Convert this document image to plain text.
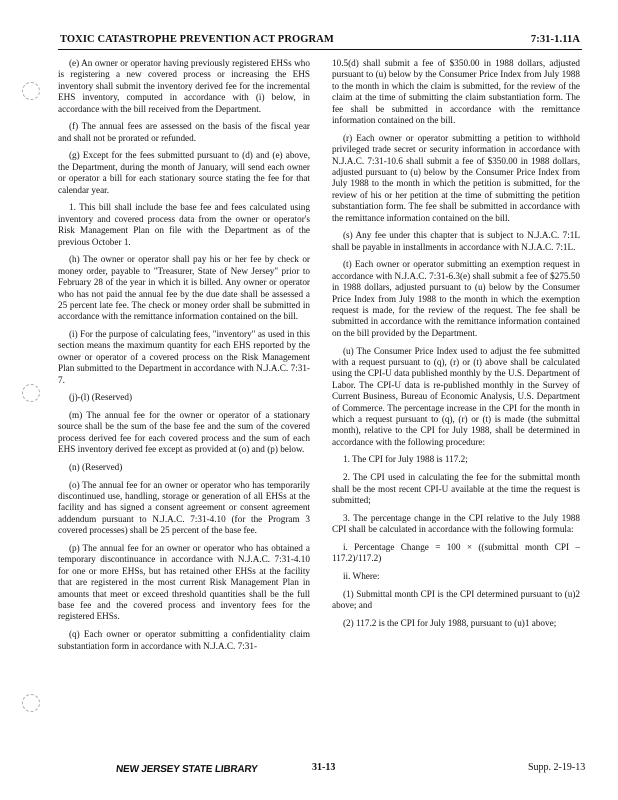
TOXIC CATASTROPHE PREVENTION ACT PROGRAM	7:31-1.11A

(e) An owner or operator having previously registered EHSs who is registering a new covered process or increasing the EHS inventory shall submit the inventory derived fee for the incremental EHS inventory, computed in accordance with (i) below, in accordance with the bill received from the Department.

(f) The annual fees are assessed on the basis of the fiscal year and shall not be prorated or refunded.

(g) Except for the fees submitted pursuant to (d) and (e) above, the Department, during the month of January, will send each owner or operator a bill for each stationary source stating the fee for that calendar year.

1. This bill shall include the base fee and fees calculated using inventory and covered process data from the owner or operator's Risk Management Plan on file with the Department as of the previous October 1.

(h) The owner or operator shall pay his or her fee by check or money order, payable to "Treasurer, State of New Jersey" prior to February 28 of the year in which it is billed. Any owner or operator who has not paid the annual fee by the due date shall be assessed a 25 percent late fee. The check or money order shall be submitted in accordance with the remittance information contained on the bill.

(i) For the purpose of calculating fees, "inventory" as used in this section means the maximum quantity for each EHS reported by the owner or operator of a covered process on the Risk Management Plan submitted to the Department in accordance with N.J.A.C. 7:31-7.

(j)-(l) (Reserved)

(m) The annual fee for the owner or operator of a stationary source shall be the sum of the base fee and the sum of the covered process derived fee for each covered process and the sum of each EHS inventory derived fee except as provided at (o) and (p) below.

(n) (Reserved)

(o) The annual fee for an owner or operator who has temporarily discontinued use, handling, storage or generation of all EHSs at the facility and has signed a consent agreement or consent agreement addendum pursuant to N.J.A.C. 7:31-4.10 (for the Program 3 covered processes) shall be 25 percent of the base fee.

(p) The annual fee for an owner or operator who has obtained a temporary discontinuance in accordance with N.J.A.C. 7:31-4.10 for one or more EHSs, but has retained other EHSs at the facility that are registered in the most current Risk Management Plan in amounts that meet or exceed threshold quantities shall be the full base fee and the covered process and inventory fees for the registered EHSs.

(q) Each owner or operator submitting a confidentiality claim substantiation form in accordance with N.J.A.C. 7:31-

10.5(d) shall submit a fee of $350.00 in 1988 dollars, adjusted pursuant to (u) below by the Consumer Price Index from July 1988 to the month in which the claim is submitted, for the review of the claim at the time of submitting the claim substantiation form. The fee shall be submitted in accordance with the remittance information contained on the bill.

(r) Each owner or operator submitting a petition to withhold privileged trade secret or security information in accordance with N.J.A.C. 7:31-10.6 shall submit a fee of $350.00 in 1988 dollars, adjusted pursuant to (u) below by the Consumer Price Index from July 1988 to the month in which the petition is submitted, for the review of his or her petition at the time of submitting the petition substantiation form. The fee shall be submitted in accordance with the remittance information contained on the bill.

(s) Any fee under this chapter that is subject to N.J.A.C. 7:1L shall be payable in installments in accordance with N.J.A.C. 7:1L.

(t) Each owner or operator submitting an exemption request in accordance with N.J.A.C. 7:31-6.3(e) shall submit a fee of $275.50 in 1988 dollars, adjusted pursuant to (u) below by the Consumer Price Index from July 1988 to the month in which the exemption request is made, for the review of the request. The fee shall be submitted in accordance with the remittance information contained on the bill provided by the Department.

(u) The Consumer Price Index used to adjust the fee submitted with a request pursuant to (q), (r) or (t) above shall be calculated using the CPI-U data published monthly by the U.S. Department of Labor. The CPI-U data is re-published monthly in the Survey of Current Business, Bureau of Economic Analysis, U.S. Department of Commerce. The percentage increase in the CPI for the month in which a request pursuant to (q), (r) or (t) is made (the submittal month), relative to the CPI for July 1988, shall be determined in accordance with the following procedure:

1. The CPI for July 1988 is 117.2;

2. The CPI used in calculating the fee for the submittal month shall be the most recent CPI-U available at the time the request is submitted;

3. The percentage change in the CPI relative to the July 1988 CPI shall be calculated in accordance with the following formula:

i. Percentage Change = 100 × ((submittal month CPI – 117.2)/117.2)

ii. Where:

(1) Submittal month CPI is the CPI determined pursuant to (u)2 above; and

(2) 117.2 is the CPI for July 1988, pursuant to (u)1 above;

NEW JERSEY STATE LIBRARY	31-13	Supp. 2-19-13
